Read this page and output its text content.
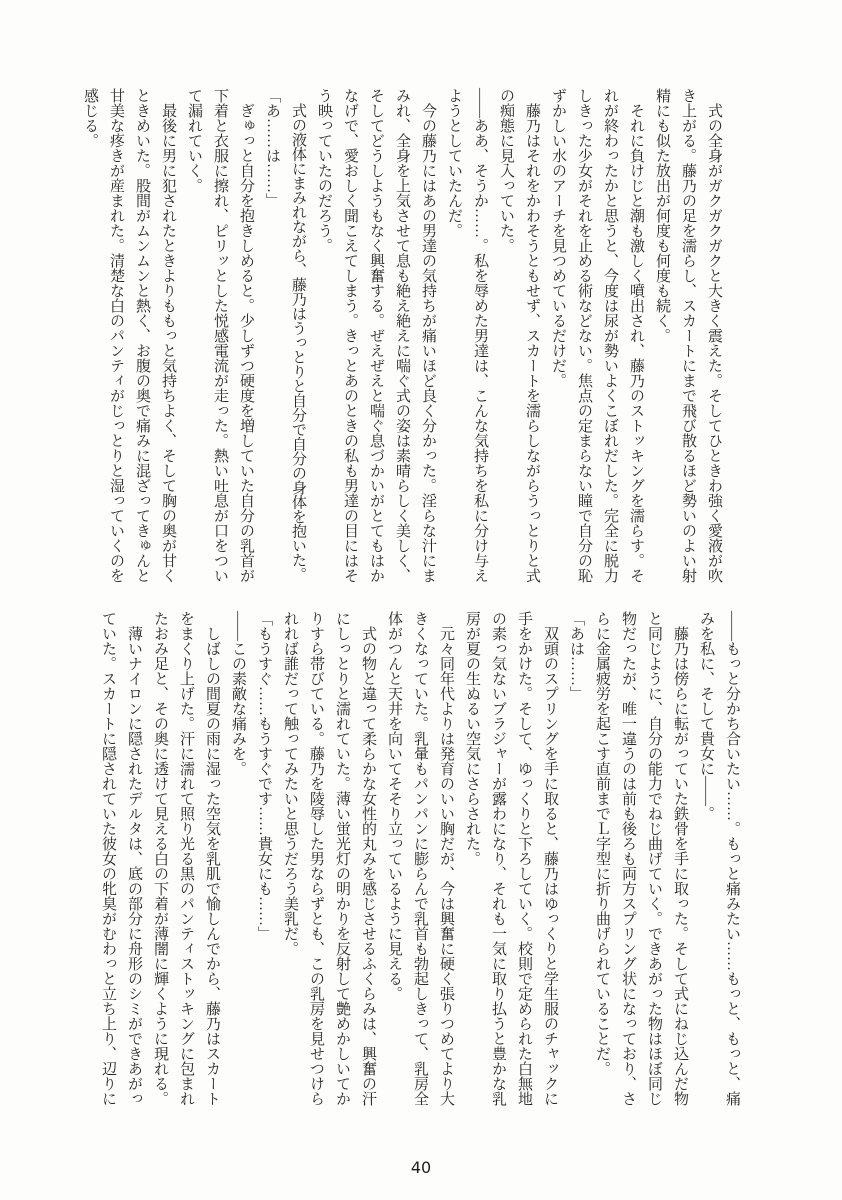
式の全身がガクガクガクと大きく震えた。そしてひときわ強く愛液が吹き上がる。藤乃の足を濡らし、スカートにまで飛び散るほど勢いのよい射精にも似た放出が何度も何度も続く。

それに負けじと潮も激しく噴出され、藤乃のストッキングを濡らす。それが終わったかと思うと、今度は尿が勢いよくこぼれだした。完全に脱力しきった少女がそれを止める術などない。焦点の定まらない瞳で自分の恥ずかしい水のアーチを見つめているだけだ。

藤乃はそれをかわそうともせず、スカートを濡らしながらうっとりと式の痴態に見入っていた。

――ああ、そうか……。私を辱めた男達は、こんな気持ちを私に分け与えようとしていたんだ。

今の藤乃にはあの男達の気持ちが痛いほど良く分かった。淫らな汁にまみれ、全身を上気させて息も絶え絶えに喘ぐ式の姿は素晴らしく美しく、そしてどうしようもなく興奮する。ぜえぜえと喘ぐ息づかいがとてもはかなげで、愛おしく聞こえてしまう。きっとあのときの私も男達の目にはそう映っていたのだろう。

式の液体にまみれながら、藤乃はうっとりと自分で自分の身体を抱いた。

「あ……は……」

ぎゅっと自分を抱きしめると。少しずつ硬度を増していた自分の乳首が下着と衣服に擦れ、ピリッとした悦感電流が走った。熱い吐息が口をついて漏れていく。

最後に男に犯されたときよりももっと気持ちよく、そして胸の奥が甘くときめいた。股間がムンムンと熱く、お腹の奥で痛みに混ざってきゅんと甘美な疼きが産まれた。清楚な白のパンティがじっとりと湿っていくのを感じる。

――もっと分かち合いたい……。もっと痛みたい……もっと、もっと、痛みを私に、そして貴女に――。

藤乃は傍らに転がっていた鉄骨を手に取った。そして式にねじ込んだ物と同じように、自分の能力でねじ曲げていく。できあがった物はほぼ同じ物だったが、唯一違うのは前も後ろも両方スプリング状になっており、さらに金属疲労を起こす直前までＬ字型に折り曲げられていることだ。

「あは……」

双頭のスプリングを手に取ると、藤乃はゆっくりと学生服のチャックに手をかけた。そして、ゆっくりと下ろしていく。校則で定められた白無地の素っ気ないブラジャーが露わになり、それも一気に取り払うと豊かな乳房が夏の生ぬるい空気にさらされた。

元々同年代よりは発育のいい胸だが、今は興奮に硬く張りつめてより大きくなっていた。乳暈もパンパンに膨らんで乳首も勃起しきって、乳房全体がつんと天井を向いてそそり立っているように見える。

式の物と違って柔らかな女性的丸みを感じさせるふくらみは、興奮の汗にしっとりと濡れていた。薄い蛍光灯の明かりを反射して艶めかしいてかりすら帯びている。藤乃を陵辱した男ならずとも、この乳房を見せつけられれば誰だって触ってみたいと思うだろう美乳だ。

「もうすぐ……もうすぐです……貴女にも……」

――この素敵な痛みを。

しばしの間夏の雨に湿った空気を乳肌で愉しんでから、藤乃はスカートをまくり上げた。汗に濡れて照り光る黒のパンティストッキングに包まれたおみ足と、その奥に透けて見える白の下着が薄闇に輝くように現れる。

薄いナイロンに隠されたデルタは、底の部分に舟形のシミができあがっていた。スカートに隠されていた彼女の牝臭がむわっと立ち上り、辺りに

40
